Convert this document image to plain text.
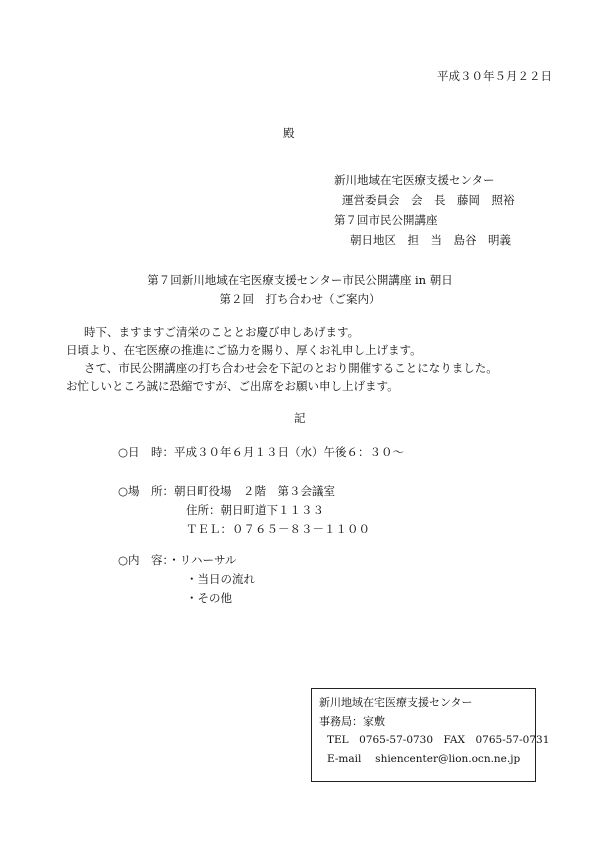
平成３０年５月２２日
殿
新川地域在宅医療支援センター
運営委員会　会　長　藤岡　照裕
第７回市民公開講座
朝日地区　担　当　島谷　明義
第７回新川地域在宅医療支援センター市民公開講座 in 朝日
第２回　打ち合わせ（ご案内）
時下、ますますご清栄のこととお慶び申しあげます。
日頃より、在宅医療の推進にご協力を賜り、厚くお礼申し上げます。
さて、市民公開講座の打ち合わせ会を下記のとおり開催することになりました。
お忙しいところ誠に恐縮ですが、ご出席をお願い申し上げます。
記
○日　時：平成３０年６月１３日（水）午後６：３０～
○場　所：朝日町役場　２階　第３会議室
住所：朝日町道下１１３３
ＴＥＬ：０７６５－８３－１１００
○内　容：・リハーサル
・当日の流れ
・その他
新川地域在宅医療支援センター
事務局：家敷
TEL　0765-57-0730　FAX　0765-57-0731
E-mail　 shiencenter@lion.ocn.ne.jp
